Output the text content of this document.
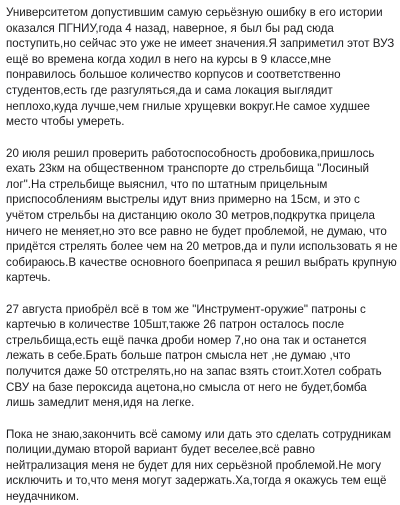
Университетом допустившим самую серьёзную ошибку в его истории оказался ПГНИУ,года 4 назад, наверное, я был бы рад сюда поступить,но сейчас это уже не имеет значения.Я заприметил этот ВУЗ ещё во времена когда ходил в него на курсы в 9 классе,мне понравилось большое количество корпусов и соответственно студентов,есть где разгуляться,да и сама локация выглядит неплохо,куда лучше,чем гнилые хрущевки вокруг.Не самое худшее место чтобы умереть.

20 июля решил проверить работоспособность дробовика,пришлось ехать 23км на общественном транспорте до стрельбища "Лосиный лог".На стрельбище выяснил, что по штатным прицельным приспособлениям выстрелы идут вниз примерно на 15см, и это с учётом стрельбы на дистанцию около 30 метров,подкрутка прицела ничего не меняет,но это все равно не будет проблемой, не думаю, что придётся стрелять более чем на 20 метров,да и пули использовать я не собираюсь.В качестве основного боеприпаса я решил выбрать крупную картечь.

27 августа приобрёл всё в том же "Инструмент-оружие" патроны с картечью в количестве 105шт,также 26 патрон осталось после стрельбища,есть ещё пачка дроби номер 7,но она так и останется лежать в себе.Брать больше патрон смысла нет ,не думаю ,что получится даже 50 отстрелять,но на запас взять стоит.Хотел собрать СВУ на базе пероксида ацетона,но смысла от него не будет,бомба лишь замедлит меня,идя на легке.

Пока не знаю,закончить всё самому или дать это сделать сотрудникам полиции,думаю второй вариант будет веселее,всё равно нейтрализация меня не будет для них серьёзной проблемой.Не могу исключить и то,что меня могут задержать.Ха,тогда я окажусь тем ещё неудачником.
